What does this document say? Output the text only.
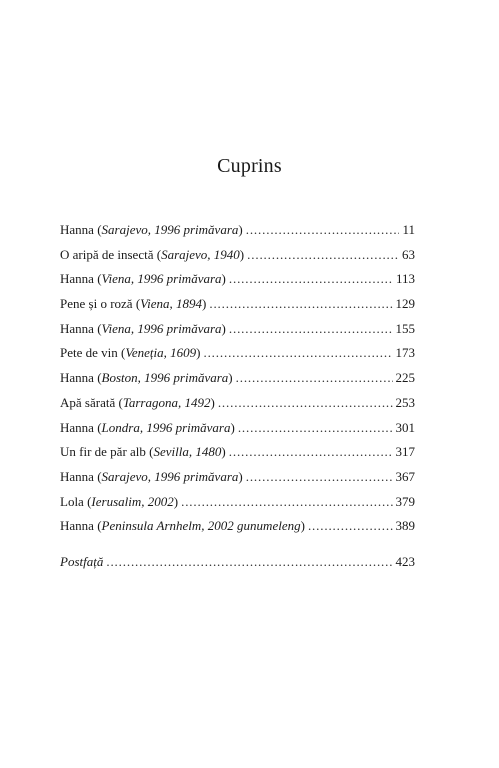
Cuprins
Hanna (Sarajevo, 1996 primăvara) . . .	11
O aripă de insectă (Sarajevo, 1940) . . .	63
Hanna (Viena, 1996 primăvara) . . .	113
Pene și o roză (Viena, 1894) . . .	129
Hanna (Viena, 1996 primăvara) . . .	155
Pete de vin (Veneția, 1609) . . .	173
Hanna (Boston, 1996 primăvara) . . .	225
Apă sărată (Tarragona, 1492) . . .	253
Hanna (Londra, 1996 primăvara) . . .	301
Un fir de păr alb (Sevilla, 1480) . . .	317
Hanna (Sarajevo, 1996 primăvara) . . .	367
Lola (Ierusalim, 2002) . . .	379
Hanna (Peninsula Arnhelm, 2002 gunumeleng) . . .	389
Postfață . . .	423
